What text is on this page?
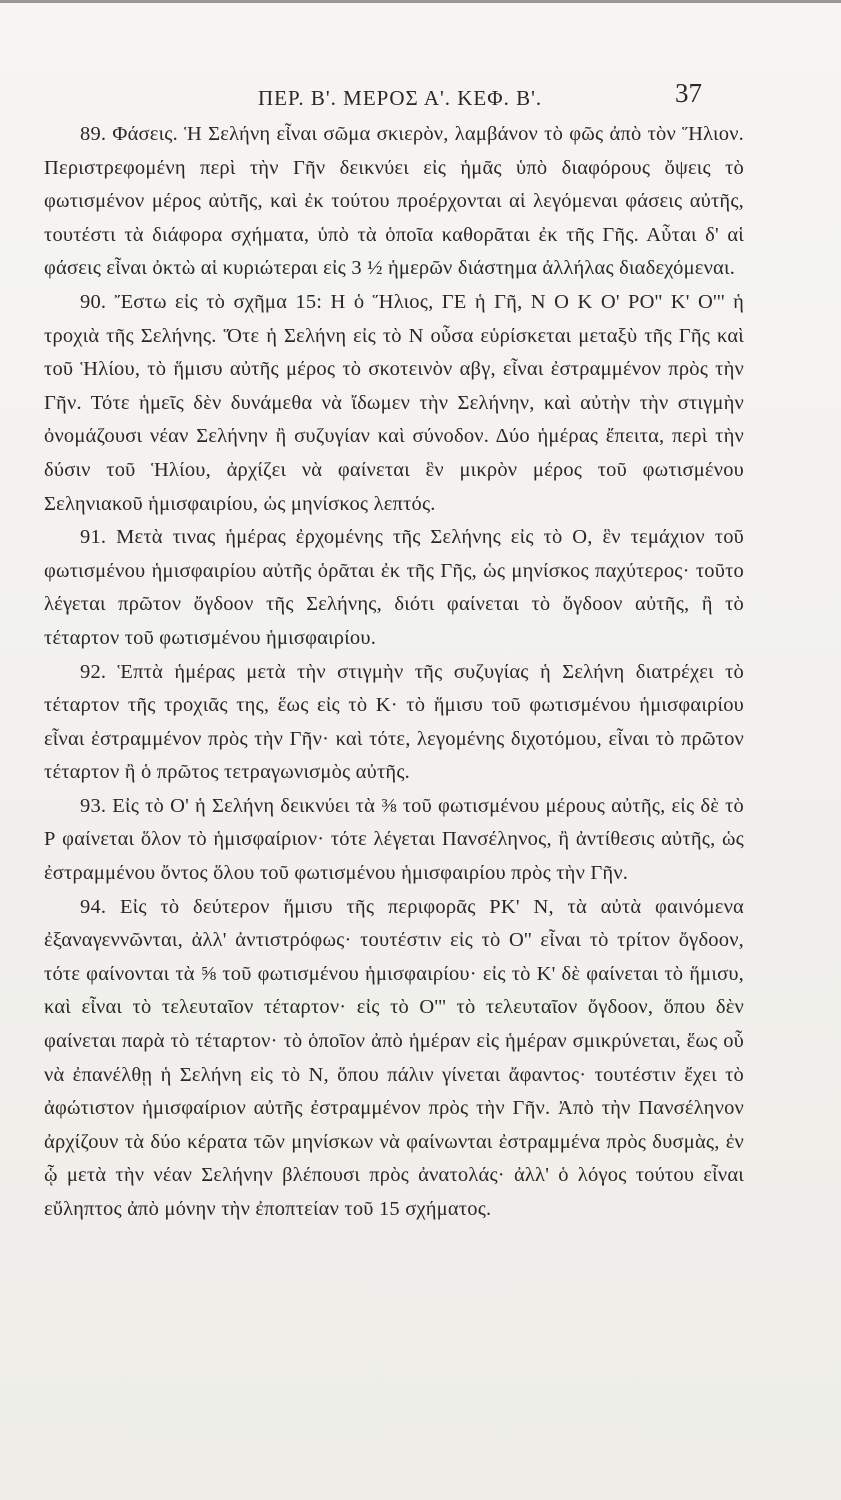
ΠΕΡ. Β'. ΜΕΡΟΣ Α'. ΚΕΦ. Β'.	37

89. Φάσεις. Ἡ Σελήνη εἶναι σῶμα σκιερὸν, λαμβάνον τὸ φῶς ἀπὸ τὸν Ἥλιον. Περιστρεφομένη περὶ τὴν Γῆν δεικνύει εἰς ἡμᾶς ὑπὸ διαφόρους ὄψεις τὸ φωτισμένον μέρος αὐτῆς, καὶ ἐκ τούτου προέρχονται αἱ λεγόμεναι φάσεις αὐτῆς, τουτέστι τὰ διάφορα σχήματα, ὑπὸ τὰ ὁποῖα καθορᾶται ἐκ τῆς Γῆς. Αὗται δ' αἱ φάσεις εἶναι ὀκτὼ αἱ κυριώτεραι εἰς 3 ½ ἡμερῶν διάστημα ἀλλήλας διαδεχόμεναι.

90. Ἔστω εἰς τὸ σχῆμα 15: Η ὁ Ἥλιος, ΓΕ ἡ Γῆ, Ν Ο Κ Ο' ΡΟ'' Κ' Ο''' ἡ τροχιὰ τῆς Σελήνης. Ὅτε ἡ Σελήνη εἰς τὸ Ν οὖσα εὑρίσκεται μεταξὺ τῆς Γῆς καὶ τοῦ Ἡλίου, τὸ ἥμισυ αὐτῆς μέρος τὸ σκοτεινὸν αβγ, εἶναι ἐστραμμένον πρὸς τὴν Γῆν. Τότε ἡμεῖς δὲν δυνάμεθα νὰ ἴδωμεν τὴν Σελήνην, καὶ αὐτὴν τὴν στιγμὴν ὀνομάζουσι νέαν Σελήνην ἢ συζυγίαν καὶ σύνοδον. Δύο ἡμέρας ἔπειτα, περὶ τὴν δύσιν τοῦ Ἡλίου, ἀρχίζει νὰ φαίνεται ἓν μικρὸν μέρος τοῦ φωτισμένου Σεληνιακοῦ ἡμισφαιρίου, ὡς μηνίσκος λεπτός.

91. Μετὰ τινας ἡμέρας ἐρχομένης τῆς Σελήνης εἰς τὸ Ο, ἓν τεμάχιον τοῦ φωτισμένου ἡμισφαιρίου αὐτῆς ὁρᾶται ἐκ τῆς Γῆς, ὡς μηνίσκος παχύτερος· τοῦτο λέγεται πρῶτον ὄγδοον τῆς Σελήνης, διότι φαίνεται τὸ ὄγδοον αὐτῆς, ἢ τὸ τέταρτον τοῦ φωτισμένου ἡμισφαιρίου.

92. Ἑπτὰ ἡμέρας μετὰ τὴν στιγμὴν τῆς συζυγίας ἡ Σελήνη διατρέχει τὸ τέταρτον τῆς τροχιᾶς της, ἕως εἰς τὸ Κ· τὸ ἥμισυ τοῦ φωτισμένου ἡμισφαιρίου εἶναι ἐστραμμένον πρὸς τὴν Γῆν· καὶ τότε, λεγομένης διχοτόμου, εἶναι τὸ πρῶτον τέταρτον ἢ ὁ πρῶτος τετραγωνισμὸς αὐτῆς.

93. Εἰς τὸ Ο' ἡ Σελήνη δεικνύει τὰ ⅜ τοῦ φωτισμένου μέρους αὐτῆς, εἰς δὲ τὸ Ρ φαίνεται ὅλον τὸ ἡμισφαίριον· τότε λέγεται Πανσέληνος, ἢ ἀντίθεσις αὐτῆς, ὡς ἐστραμμένου ὄντος ὅλου τοῦ φωτισμένου ἡμισφαιρίου πρὸς τὴν Γῆν.

94. Εἰς τὸ δεύτερον ἥμισυ τῆς περιφορᾶς ΡΚ' Ν, τὰ αὐτὰ φαινόμενα ἐξαναγεννῶνται, ἀλλ' ἀντιστρόφως· τουτέστιν εἰς τὸ Ο'' εἶναι τὸ τρίτον ὄγδοον, τότε φαίνονται τὰ ⅝ τοῦ φωτισμένου ἡμισφαιρίου· εἰς τὸ Κ' δὲ φαίνεται τὸ ἥμισυ, καὶ εἶναι τὸ τελευταῖον τέταρτον· εἰς τὸ Ο''' τὸ τελευταῖον ὄγδοον, ὅπου δὲν φαίνεται παρὰ τὸ τέταρτον· τὸ ὁποῖον ἀπὸ ἡμέραν εἰς ἡμέραν σμικρύνεται, ἕως οὗ νὰ ἐπανέλθῃ ἡ Σελήνη εἰς τὸ Ν, ὅπου πάλιν γίνεται ἄφαντος· τουτέστιν ἔχει τὸ ἀφώτιστον ἡμισφαίριον αὐτῆς ἐστραμμένον πρὸς τὴν Γῆν. Ἀπὸ τὴν Πανσέληνον ἀρχίζουν τὰ δύο κέρατα τῶν μηνίσκων νὰ φαίνωνται ἐστραμμένα πρὸς δυσμὰς, ἐν ᾧ μετὰ τὴν νέαν Σελήνην βλέπουσι πρὸς ἀνατολάς· ἀλλ' ὁ λόγος τούτου εἶναι εὔληπτος ἀπὸ μόνην τὴν ἐποπτείαν τοῦ 15 σχήματος.
